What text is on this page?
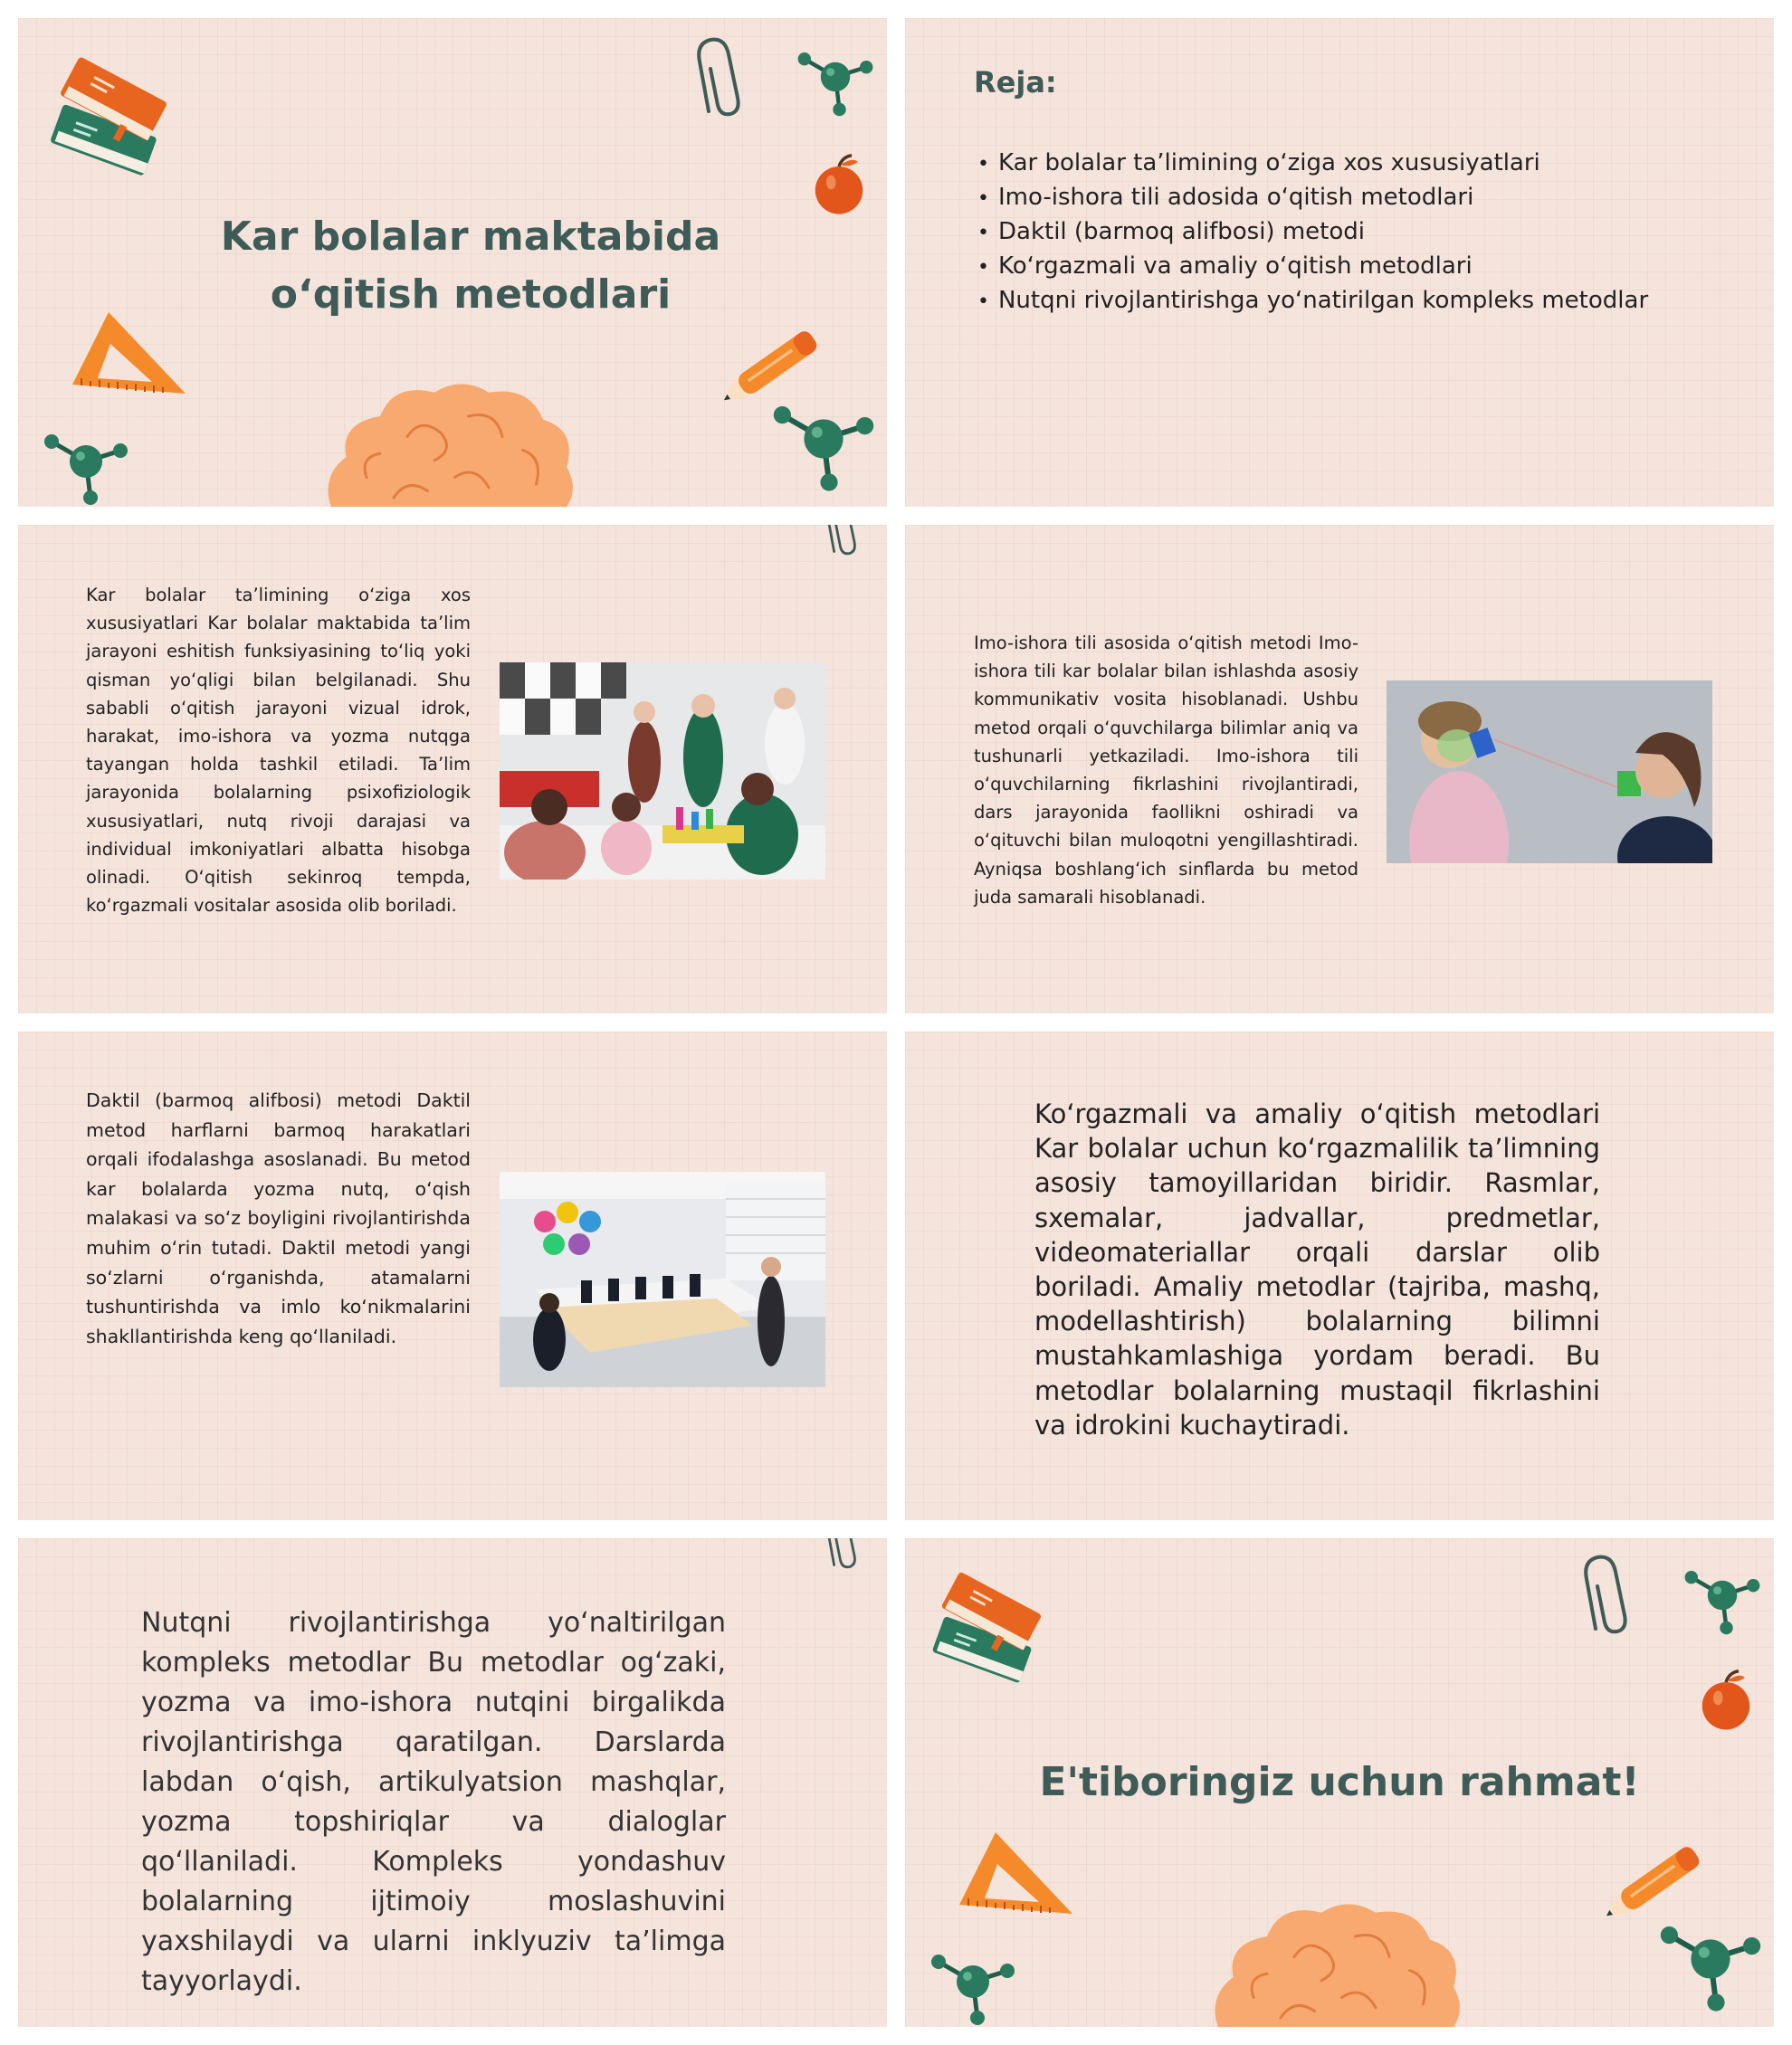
Kar bolalar maktabida
o‘qitish metodlari
Reja:
• Kar bolalar ta’limining o‘ziga xos xususiyatlari
• Imo-ishora tili adosida o‘qitish metodlari
• Daktil (barmoq alifbosi) metodi
• Ko‘rgazmali va amaliy o‘qitish metodlari
• Nutqni rivojlantirishga yo‘natirilgan kompleks metodlar

Kar bolalar ta’limining o‘ziga xos xususiyatlari Kar bolalar maktabida ta’lim jarayoni eshitish funksiyasining to‘liq yoki qisman yo‘qligi bilan belgilanadi. Shu sababli o‘qitish jarayoni vizual idrok, harakat, imo-ishora va yozma nutqga tayangan holda tashkil etiladi. Ta’lim jarayonida bolalarning psixofiziologik xususiyatlari, nutq rivoji darajasi va individual imkoniyatlari albatta hisobga olinadi. O‘qitish sekinroq tempda, ko‘rgazmali vositalar asosida olib boriladi.

Imo-ishora tili asosida o‘qitish metodi Imo-ishora tili kar bolalar bilan ishlashda asosiy kommunikativ vosita hisoblanadi. Ushbu metod orqali o‘quvchilarga bilimlar aniq va tushunarli yetkaziladi. Imo-ishora tili o‘quvchilarning fikrlashini rivojlantiradi, dars jarayonida faollikni oshiradi va o‘qituvchi bilan muloqotni yengillashtiradi. Ayniqsa boshlang‘ich sinflarda bu metod juda samarali hisoblanadi.

Daktil (barmoq alifbosi) metodi Daktil metod harflarni barmoq harakatlari orqali ifodalashga asoslanadi. Bu metod kar bolalarda yozma nutq, o‘qish malakasi va so‘z boyligini rivojlantirishda muhim o‘rin tutadi. Daktil metodi yangi so‘zlarni o‘rganishda, atamalarni tushuntirishda va imlo ko‘nikmalarini shakllantirishda keng qo‘llaniladi.

Ko‘rgazmali va amaliy o‘qitish metodlari Kar bolalar uchun ko‘rgazmalilik ta’limning asosiy tamoyillaridan biridir. Rasmlar, sxemalar, jadvallar, predmetlar, videomateriallar orqali darslar olib boriladi. Amaliy metodlar (tajriba, mashq, modellashtirish) bolalarning bilimni mustahkamlashiga yordam beradi. Bu metodlar bolalarning mustaqil fikrlashini va idrokini kuchaytiradi.

Nutqni rivojlantirishga yo‘naltirilgan kompleks metodlar Bu metodlar og‘zaki, yozma va imo-ishora nutqini birgalikda rivojlantirishga qaratilgan. Darslarda labdan o‘qish, artikulyatsion mashqlar, yozma topshiriqlar va dialoglar qo‘llaniladi. Kompleks yondashuv bolalarning ijtimoiy moslashuvini yaxshilaydi va ularni inklyuziv ta’limga tayyorlaydi.

E'tiboringiz uchun rahmat!
